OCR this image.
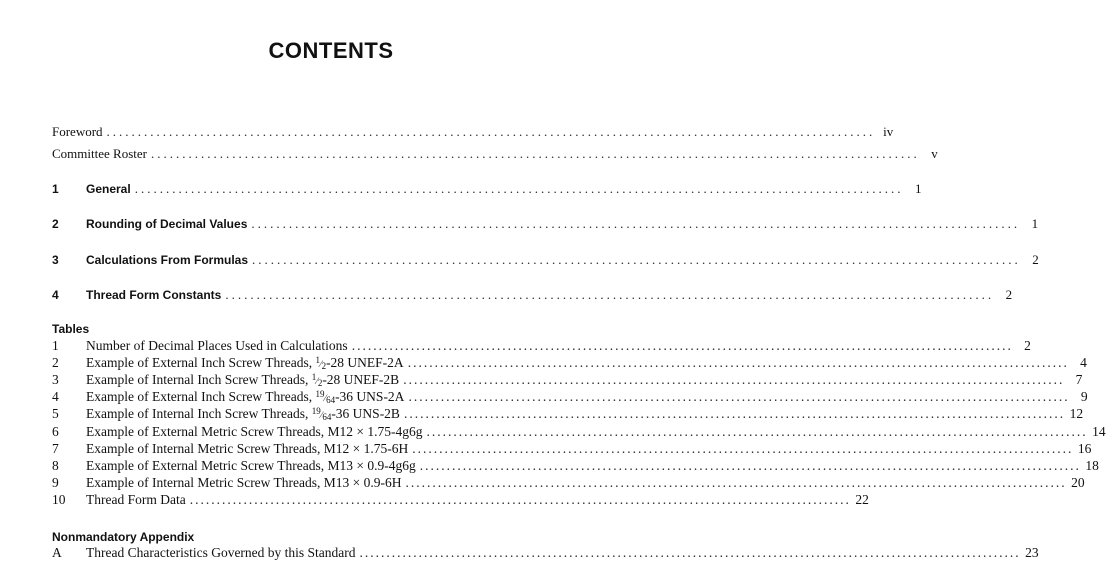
CONTENTS
Foreword ........................................................................................................................... iv
Committee Roster ........................................................................................................................... v
1	General ........................................................................................................................... 1
2	Rounding of Decimal Values ........................................................................................................................... 1
3	Calculations From Formulas ........................................................................................................................... 2
4	Thread Form Constants ........................................................................................................................... 2
Tables
1	Number of Decimal Places Used in Calculations ........................................................................................................................... 2
2	Example of External Inch Screw Threads, 1⁄2-28 UNEF-2A ........................................................................................................................... 4
3	Example of Internal Inch Screw Threads, 1⁄2-28 UNEF-2B ........................................................................................................................... 7
4	Example of External Inch Screw Threads, 19⁄64-36 UNS-2A ........................................................................................................................... 9
5	Example of Internal Inch Screw Threads, 19⁄64-36 UNS-2B ........................................................................................................................... 12
6	Example of External Metric Screw Threads, M12 × 1.75-4g6g ........................................................................................................................... 14
7	Example of Internal Metric Screw Threads, M12 × 1.75-6H ........................................................................................................................... 16
8	Example of External Metric Screw Threads, M13 × 0.9-4g6g ........................................................................................................................... 18
9	Example of Internal Metric Screw Threads, M13 × 0.9-6H ........................................................................................................................... 20
10	Thread Form Data ........................................................................................................................... 22
Nonmandatory Appendix
A	Thread Characteristics Governed by this Standard ........................................................................................................................... 23
